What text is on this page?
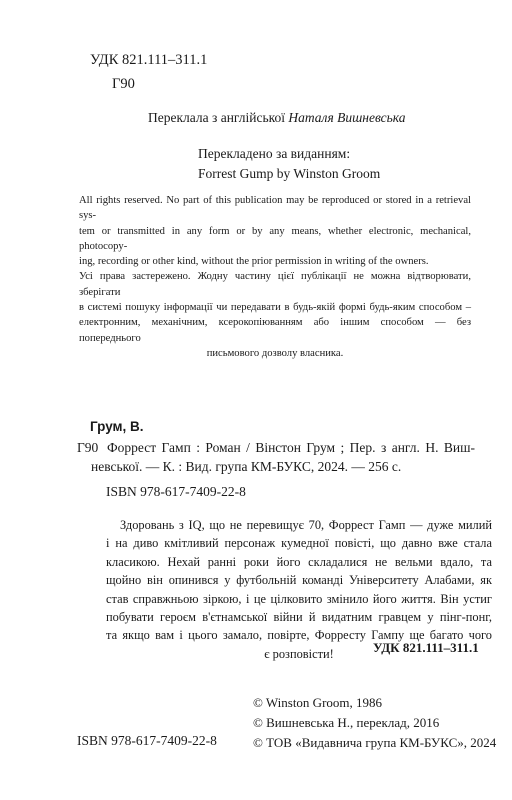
УДК 821.111–311.1

Г90

Переклала з англійської Наталя Вишневська

Перекладено за виданням:

Forrest Gump by Winston Groom

All rights reserved. No part of this publication may be reproduced or stored in a retrieval sys-

tem or transmitted in any form or by any means, whether electronic, mechanical, photocopy-

ing, recording or other kind, without the prior permission in writing of the owners.

Усі права застережено. Жодну частину цієї публікації не можна відтворювати, зберігати

в системі пошуку інформації чи передавати в будь-якій формі будь-яким способом –

електронним, механічним, ксерокопіюванням або іншим способом — без попереднього

письмового дозволу власника.

Грум, В.

Г90 Форрест Гамп : Роман / Вінстон Грум ; Пер. з англ. Н. Виш-
невської. — К. : Вид. група КМ-БУКС, 2024. — 256 с.

ISBN 978-617-7409-22-8

Здоровань з IQ, що не перевищує 70, Форрест Гамп — дуже милий
і на диво кмітливий персонаж кумедної повісті, що давно вже стала
класикою. Нехай ранні роки його складалися не вельми вдало, та
щойно він опинився у футбольній команді Університету Алабами, як
став справжньою зіркою, і це цілковито змінило його життя. Він устиг
побувати героєм в'єтнамської війни й видатним гравцем у пінг-понг,
та якщо вам і цього замало, повірте, Форресту Гампу ще багато чого
є розповісти!	УДК 821.111–311.1

© Winston Groom, 1986
© Вишневська Н., переклад, 2016
© ТОВ «Видавнича група КМ-БУКС», 2024

ISBN 978-617-7409-22-8
